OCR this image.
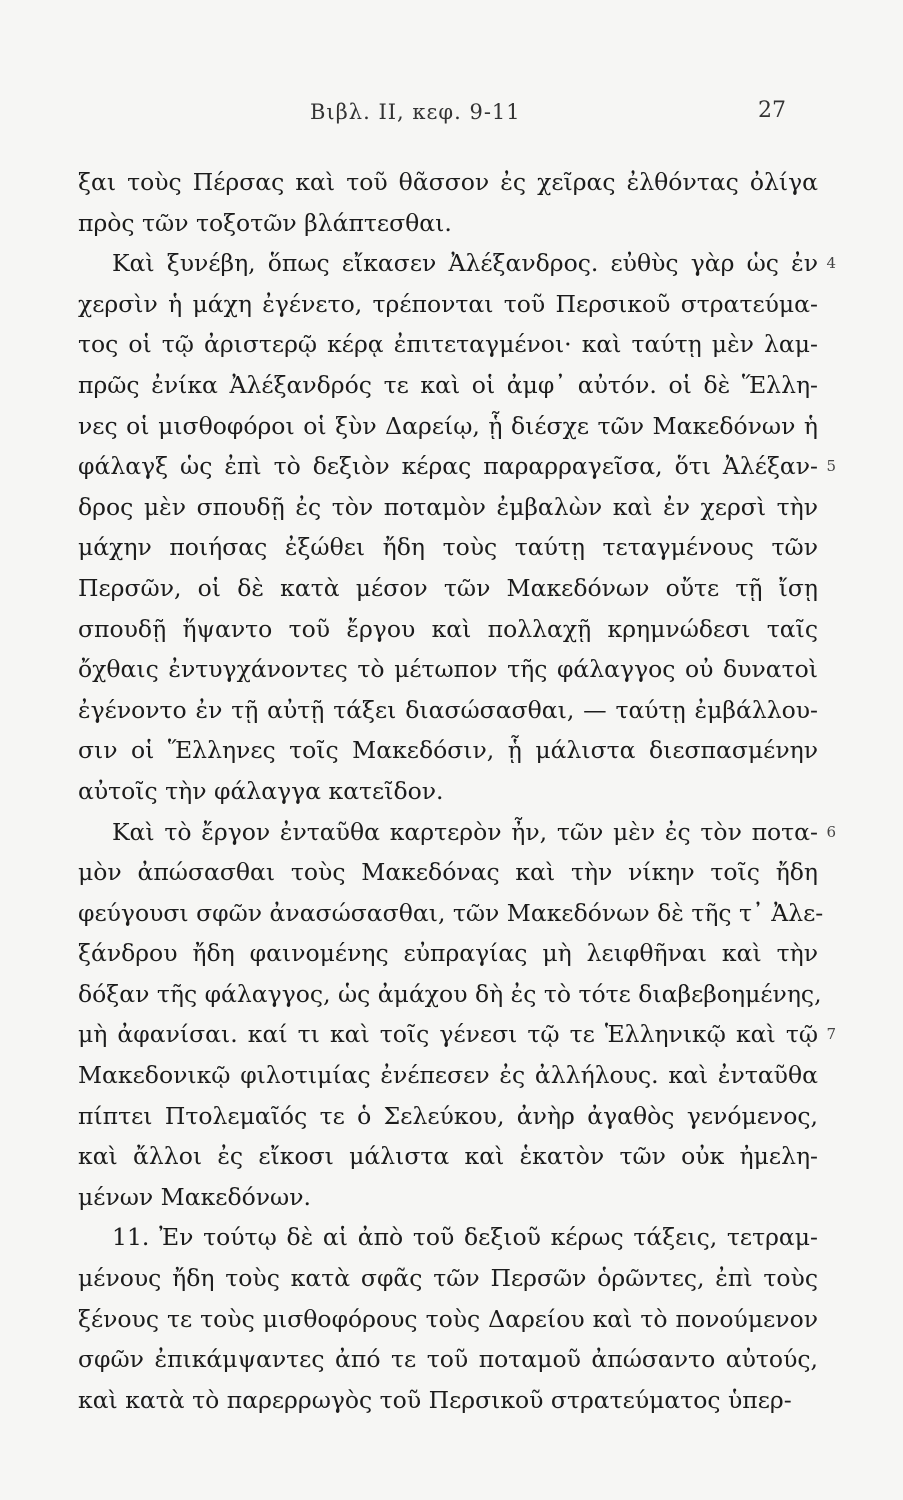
Βιβλ. ΙΙ, κεφ. 9-11	27
ξαι τοὺς Πέρσας καὶ τοῦ θᾶσσον ἐς χεῖρας ἐλθόντας ὀλίγα
πρὸς τῶν τοξοτῶν βλάπτεσθαι.
Καὶ ξυνέβη, ὅπως εἴκασεν Ἀλέξανδρος. εὐθὺς γὰρ ὡς ἐν 4
χερσὶν ἡ μάχη ἐγένετο, τρέπονται τοῦ Περσικοῦ στρατεύμα-
τος οἱ τῷ ἀριστερῷ κέρᾳ ἐπιτεταγμένοι· καὶ ταύτῃ μὲν λαμ-
πρῶς ἐνίκα Ἀλέξανδρός τε καὶ οἱ ἀμφ᾽ αὐτόν. οἱ δὲ Ἕλλη-
νες οἱ μισθοφόροι οἱ ξὺν Δαρείῳ, ᾗ διέσχε τῶν Μακεδόνων ἡ
φάλαγξ ὡς ἐπὶ τὸ δεξιὸν κέρας παραρραγεῖσα, ὅτι Ἀλέξαν- 5
δρος μὲν σπουδῇ ἐς τὸν ποταμὸν ἐμβαλὼν καὶ ἐν χερσὶ τὴν
μάχην ποιήσας ἐξώθει ἤδη τοὺς ταύτῃ τεταγμένους τῶν
Περσῶν, οἱ δὲ κατὰ μέσον τῶν Μακεδόνων οὔτε τῇ ἴσῃ
σπουδῇ ἥψαντο τοῦ ἔργου καὶ πολλαχῇ κρημνώδεσι ταῖς
ὄχθαις ἐντυγχάνοντες τὸ μέτωπον τῆς φάλαγγος οὐ δυνατοὶ
ἐγένοντο ἐν τῇ αὐτῇ τάξει διασώσασθαι, — ταύτῃ ἐμβάλλου-
σιν οἱ Ἕλληνες τοῖς Μακεδόσιν, ᾗ μάλιστα διεσπασμένην
αὐτοῖς τὴν φάλαγγα κατεῖδον.
Καὶ τὸ ἔργον ἐνταῦθα καρτερὸν ἦν, τῶν μὲν ἐς τὸν ποτα- 6
μὸν ἀπώσασθαι τοὺς Μακεδόνας καὶ τὴν νίκην τοῖς ἤδη
φεύγουσι σφῶν ἀνασώσασθαι, τῶν Μακεδόνων δὲ τῆς τ᾽ Ἀλε-
ξάνδρου ἤδη φαινομένης εὐπραγίας μὴ λειφθῆναι καὶ τὴν
δόξαν τῆς φάλαγγος, ὡς ἀμάχου δὴ ἐς τὸ τότε διαβεβοημένης,
μὴ ἀφανίσαι. καί τι καὶ τοῖς γένεσι τῷ τε Ἑλληνικῷ καὶ τῷ 7
Μακεδονικῷ φιλοτιμίας ἐνέπεσεν ἐς ἀλλήλους. καὶ ἐνταῦθα
πίπτει Πτολεμαῖός τε ὁ Σελεύκου, ἀνὴρ ἀγαθὸς γενόμενος,
καὶ ἄλλοι ἐς εἴκοσι μάλιστα καὶ ἑκατὸν τῶν οὐκ ἠμελη-
μένων Μακεδόνων.
11. Ἐν τούτῳ δὲ αἱ ἀπὸ τοῦ δεξιοῦ κέρως τάξεις, τετραμ-
μένους ἤδη τοὺς κατὰ σφᾶς τῶν Περσῶν ὁρῶντες, ἐπὶ τοὺς
ξένους τε τοὺς μισθοφόρους τοὺς Δαρείου καὶ τὸ πονούμενον
σφῶν ἐπικάμψαντες ἀπό τε τοῦ ποταμοῦ ἀπώσαντο αὐτούς,
καὶ κατὰ τὸ παρερρωγὸς τοῦ Περσικοῦ στρατεύματος ὑπερ-
